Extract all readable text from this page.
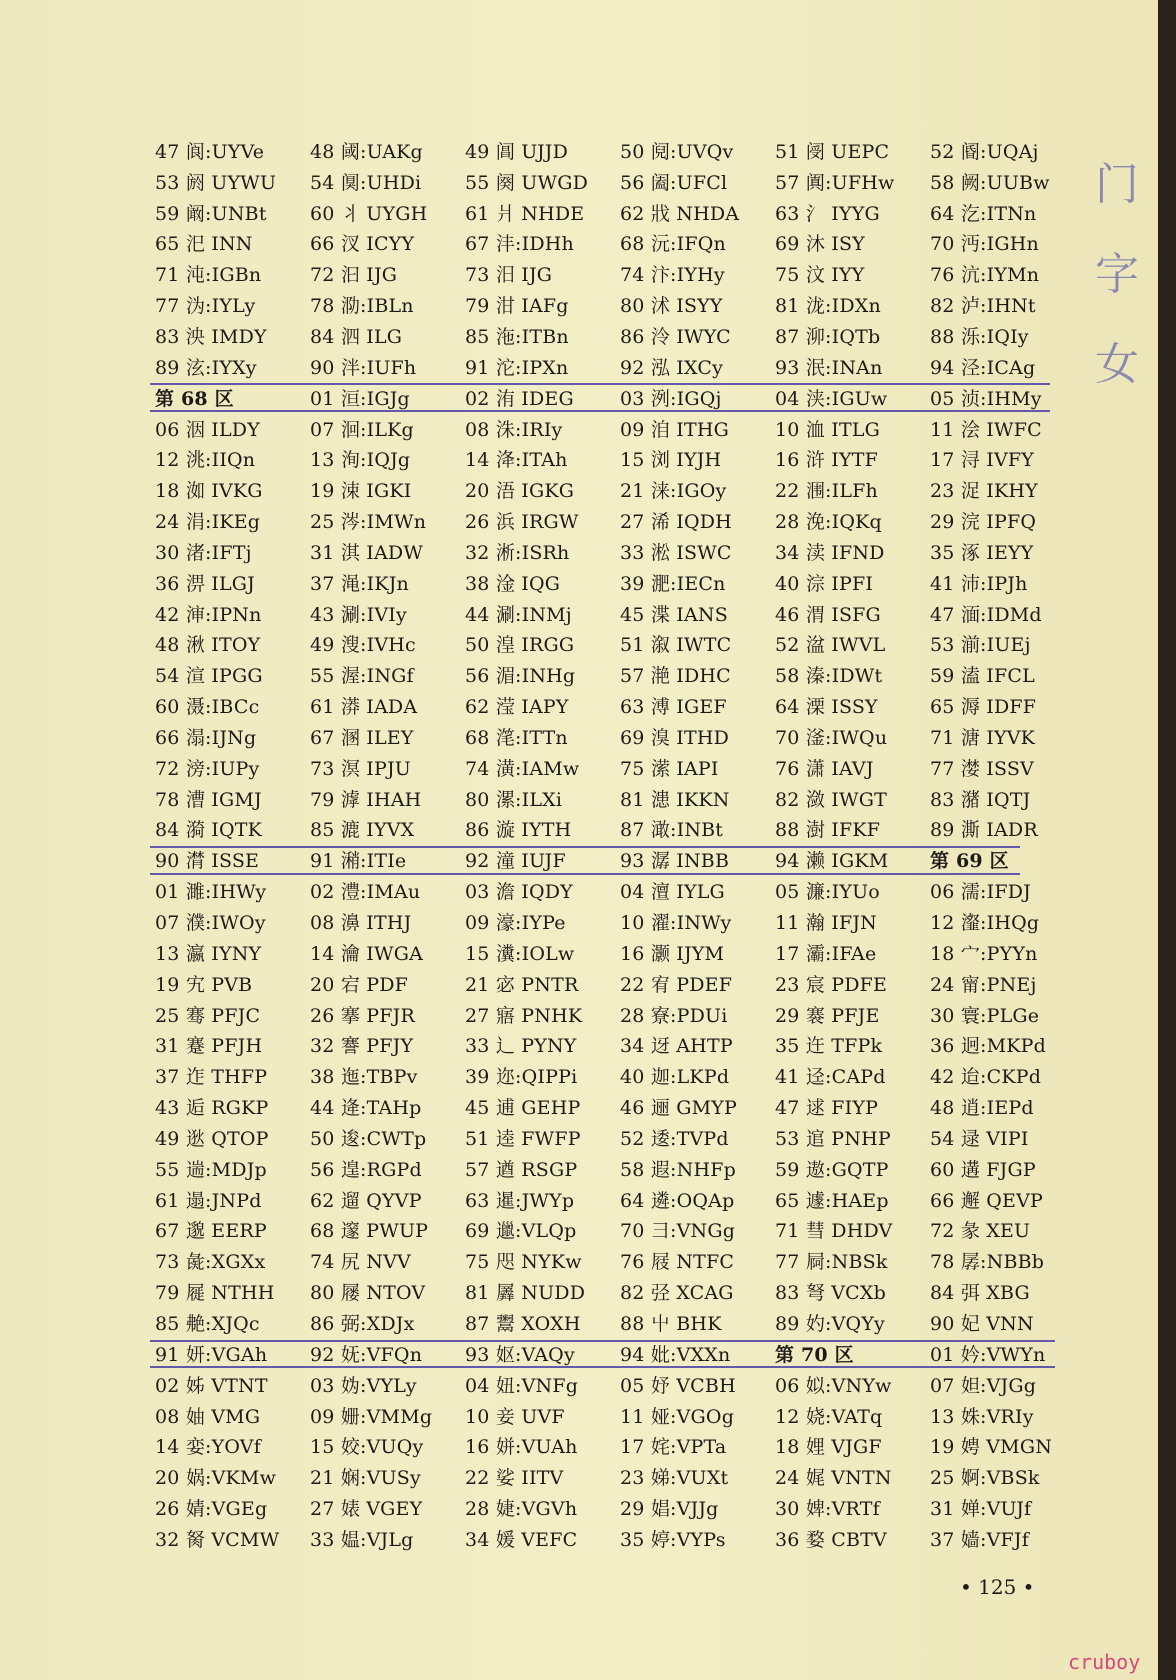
47 阆:UYVe	48 阈:UAKg	49 阊 UJJD	50 阋:UVQv	51 阌 UEPC	52 阍:UQAj
53 阏 UYWU	54 阒:UHDi	55 阕 UWGD	56 阖:UFCl	57 阗:UFHw	58 阙:UUBw
59 阚:UNBt	60 丬 UYGH	61 爿 NHDE	62 戕 NHDA	63 氵 IYYG	64 汔:ITNn
65 汜 INN	66 汊 ICYY	67 沣:IDHh	68 沅:IFQn	69 沐 ISY	70 沔:IGHn
71 沌:IGBn	72 汩 IJG	73 汨 IJG	74 汴:IYHy	75 汶 IYY	76 沆:IYMn
77 沩:IYLy	78 泐:IBLn	79 泔 IAFg	80 沭 ISYY	81 泷:IDXn	82 泸:IHNt
83 泱 IMDY	84 泗 ILG	85 沲:ITBn	86 泠 IWYC	87 泖:IQTb	88 泺:IQIy
89 泫:IYXy	90 泮:IUFh	91 沱:IPXn	92 泓 IXCy	93 泯:INAn	94 泾:ICAg
第 68 区	01 洹:IGJg	02 洧 IDEG	03 洌:IGQj	04 浃:IGUw	05 浈:IHMy
06 洇 ILDY	07 洄:ILKg	08 洙:IRIy	09 洎 ITHG	10 洫 ITLG	11 浍 IWFC
12 洮:IIQn	13 洵:IQJg	14 洚:ITAh	15 浏 IYJH	16 浒 IYTF	17 浔 IVFY
18 洳 IVKG	19 涑 IGKI	20 浯 IGKG	21 涞:IGOy	22 涠:ILFh	23 浞 IKHY
24 涓:IKEg	25 涔:IMWn	26 浜 IRGW	27 浠 IQDH	28 浼:IQKq	29 浣 IPFQ
30 渚:IFTj	31 淇 IADW	32 淅:ISRh	33 淞 ISWC	34 渎 IFND	35 涿 IEYY
36 淠 ILGJ	37 渑:IKJn	38 淦 IQG	39 淝:IECn	40 淙 IPFI	41 沛:IPJh
42 渖:IPNn	43 涮:IVIy	44 涮:INMj	45 渫 IANS	46 渭 ISFG	47 湎:IDMd
48 湫 ITOY	49 溲:IVHc	50 湟 IRGG	51 溆 IWTC	52 湓 IWVL	53 湔:IUEj
54 渲 IPGG	55 渥:INGf	56 湄:INHg	57 滟 IDHC	58 溱:IDWt	59 溘 IFCL
60 滠:IBCc	61 漭 IADA	62 滢 IAPY	63 溥 IGEF	64 溧 ISSY	65 溽 IDFF
66 溻:IJNg	67 溷 ILEY	68 滗:ITTn	69 溴 ITHD	70 滏:IWQu	71 溏 IYVK
72 滂:IUPy	73 溟 IPJU	74 潢:IAMw	75 潆 IAPI	76 潇 IAVJ	77 漤 ISSV
78 漕 IGMJ	79 滹 IHAH	80 漯:ILXi	81 漶 IKKN	82 潋 IWGT	83 潴 IQTJ
84 漪 IQTK	85 漉 IYVX	86 漩 IYTH	87 澉:INBt	88 澍 IFKF	89 澌 IADR
90 潸 ISSE	91 潲:ITIe	92 潼 IUJF	93 潺 INBB	94 濑 IGKM	第 69 区
01 濉:IHWy	02 澧:IMAu	03 澹 IQDY	04 澶 IYLG	05 濂:IYUo	06 濡:IFDJ
07 濮:IWOy	08 濞 ITHJ	09 濠:IYPe	10 濯:INWy	11 瀚 IFJN	12 瀣:IHQg
13 瀛 IYNY	14 瀹 IWGA	15 瀵:IOLw	16 灏 IJYM	17 灞:IFAe	18 宀:PYYn
19 宄 PVB	20 宕 PDF	21 宓 PNTR	22 宥 PDEF	23 宸 PDFE	24 甯:PNEj
25 骞 PFJC	26 搴 PFJR	27 寤 PNHK	28 寮:PDUi	29 褰 PFJE	30 寰:PLGe
31 蹇 PFJH	32 謇 PFJY	33 辶 PYNY	34 迓 AHTP	35 迕 TFPk	36 迥:MKPd
37 迮 THFP	38 迤:TBPv	39 迩:QIPPi	40 迦:LKPd	41 迳:CAPd	42 迨:CKPd
43 逅 RGKP	44 逄:TAHp	45 逋 GEHP	46 逦 GMYP	47 逑 FIYP	48 逍:IEPd
49 逖 QTOP	50 逡:CWTp	51 逵 FWFP	52 逶:TVPd	53 逭 PNHP	54 逯 VIPI
55 遄:MDJp	56 遑:RGPd	57 遒 RSGP	58 遐:NHFp	59 遨:GQTP	60 遘 FJGP
61 遢:JNPd	62 遛 QYVP	63 暹:JWYp	64 遴:OQAp	65 遽:HAEp	66 邂 QEVP
67 邈 EERP	68 邃 PWUP	69 邋:VLQp	70 彐:VNGg	71 彗 DHDV	72 彖 XEU
73 彘:XGXx	74 尻 NVV	75 咫 NYKw	76 屐 NTFC	77 屙:NBSk	78 孱:NBBb
79 屣 NTHH	80 屦 NTOV	81 羼 NUDD	82 弪 XCAG	83 弩 VCXb	84 弭 XBG
85 艴:XJQc	86 弼:XDJx	87 鬻 XOXH	88 屮 BHK	89 妁:VQYy	90 妃 VNN
91 妍:VGAh	92 妩:VFQn	93 妪:VAQy	94 妣:VXXn	第 70 区	01 妗:VWYn
02 姊 VTNT	03 妫:VYLy	04 妞:VNFg	05 妤 VCBH	06 姒:VNYw	07 妲:VJGg
08 妯 VMG	09 姗:VMMg	10 妾 UVF	11 娅:VGOg	12 娆:VATq	13 姝:VRIy
14 娈:YOVf	15 姣:VUQy	16 姘:VUAh	17 姹:VPTa	18 娌 VJGF	19 娉 VMGN
20 娲:VKMw	21 娴:VUSy	22 娑 IITV	23 娣:VUXt	24 娓 VNTN	25 婀:VBSk
26 婧:VGEg	27 婊 VGEY	28 婕:VGVh	29 娼:VJJg	30 婢:VRTf	31 婵:VUJf
32 胬 VCMW	33 媪:VJLg	34 媛 VEFC	35 婷:VYPs	36 婺 CBTV	37 嫱:VFJf
门 字 女
• 125 •
cruboy
